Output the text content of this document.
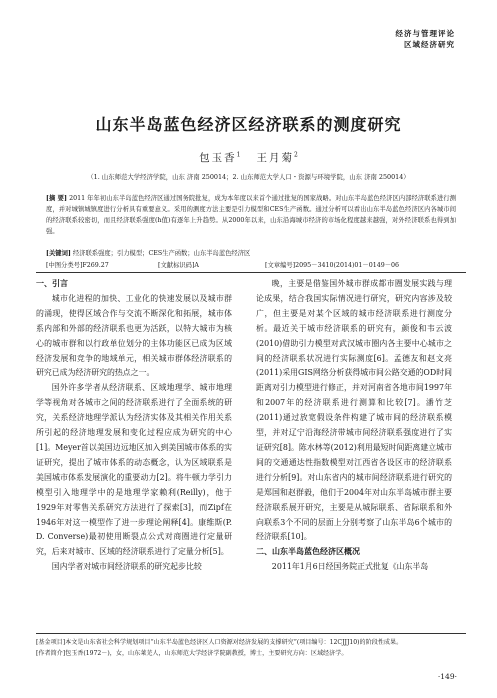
经济与管理评论
区域经济研究
山东半岛蓝色经济区经济联系的测度研究
包玉香$^1$ 王月菊$^2$
（1. 山东师范大学经济学院，山东 济南 250014；2. 山东师范大学人口・资源与环境学院，山东 济南 250014）
[摘 要] 2011 年年初山东半岛蓝色经济区通过国务院批复，成为本年度以来首个通过批复的国家战略。对山东半岛蓝色经济区内部经济联系进行测度，并对城镇城镇度进行分析具有重要意义。采用的测度方法主要是引力模型和CES生产函数。通过分析可以看出山东半岛蓝色经济区内各城市间的经济联系较密切，而且经济联系强度(h值)有逐年上升趋势。从2000年以来，山东沿海城市经济的市场化程度越来越强，对外经济联系也得到加强。
[关键词] 经济联系强度；引力模型；CES生产函数；山东半岛蓝色经济区
[中图分类号]F269.27	[文献标识码]A	[文章编号]2095－3410(2014)01－0149－06
一、引言

城市化进程的加快、工业化的快速发展以及城市群的涌现，使得区域合作与交流不断深化和拓展，城市体系内部和外部的经济联系也更为活跃，以特大城市为核心的城市群和以行政单位划分的主体功能区已成为区域经济发展和竞争的地域单元，相关城市群体经济联系的研究已成为经济研究的热点之一。

国外许多学者从经济联系、区域地理学、城市地理学等视角对各城市之间的经济联系进行了全面系统的研究，关系经济地理学派认为经济实体及其相关作用关系所引起的经济地理发展和变化过程应成为研究的中心[1]。Meyer首以美国边远地区加入到美国城市体系的实证研究，提出了城市体系的动态概念，认为区域联系是美国城市体系发展演化的重要动力[2]。将牛顿力学引力模型引入地理学中的是地理学家赖利(Reilly)，他于1929年对零售关系研究方法进行了探索[3]，而Zipf在1946年对这一模型作了进一步理论阐释[4]。康维斯(P. D. Converse)最初使用断裂点公式对商圈进行定量研究，后来对城市、区域的经济联系进行了定量分析[5]。

国内学者对城市间经济联系的研究起步比较

晚，主要是借鉴国外城市群成都市圈发展实践与理论成果，结合我国实际情况进行研究，研究内容涉及较广，但主要是对某个区域的城市经济联系进行测度分析。最近关于城市经济联系的研究有，颜俊和韦云波(2010)借助引力模型对武汉城市圈内各主要中心城市之间的经济联系状况进行实际测度[6]。孟德友和赵文亮(2011)采用GIS网络分析获得城市间公路交通的OD时间距离对引力模型进行修正，并对河南省各地市间1997年和2007年的经济联系进行测算和比较[7]。潘竹芝(2011)通过放宽假设条件构建了城市间的经济联系模型，并对辽宁沿海经济带城市间经济联系强度进行了实证研究[8]。陈水林等(2012)利用最短时间距离建立城市间的交通通达性指数模型对江西省各设区市的经济联系进行分析[9]。对山东省内的城市间经济联系进行研究的是郑国和赵群毅，他们于2004年对山东半岛城市群主要经济联系展开研究，主要是从城际联系、省际联系和外向联系3个不同的层面上分别考察了山东半岛6个城市的经济联系[10]。

二、山东半岛蓝色经济区概况

2011年1月6日经国务院正式批复《山东半岛

[基金项目]本文是山东省社会科学规划项目“山东半岛蓝色经济区人口资源对经济发展的支撑研究”(项目编号：12CJJJ10)的阶段性成果。
[作者简介]包玉香(1972－)，女，山东莱芜人，山东师范大学经济学院副教授，博士，主要研究方向：区域经济学。
·149·
